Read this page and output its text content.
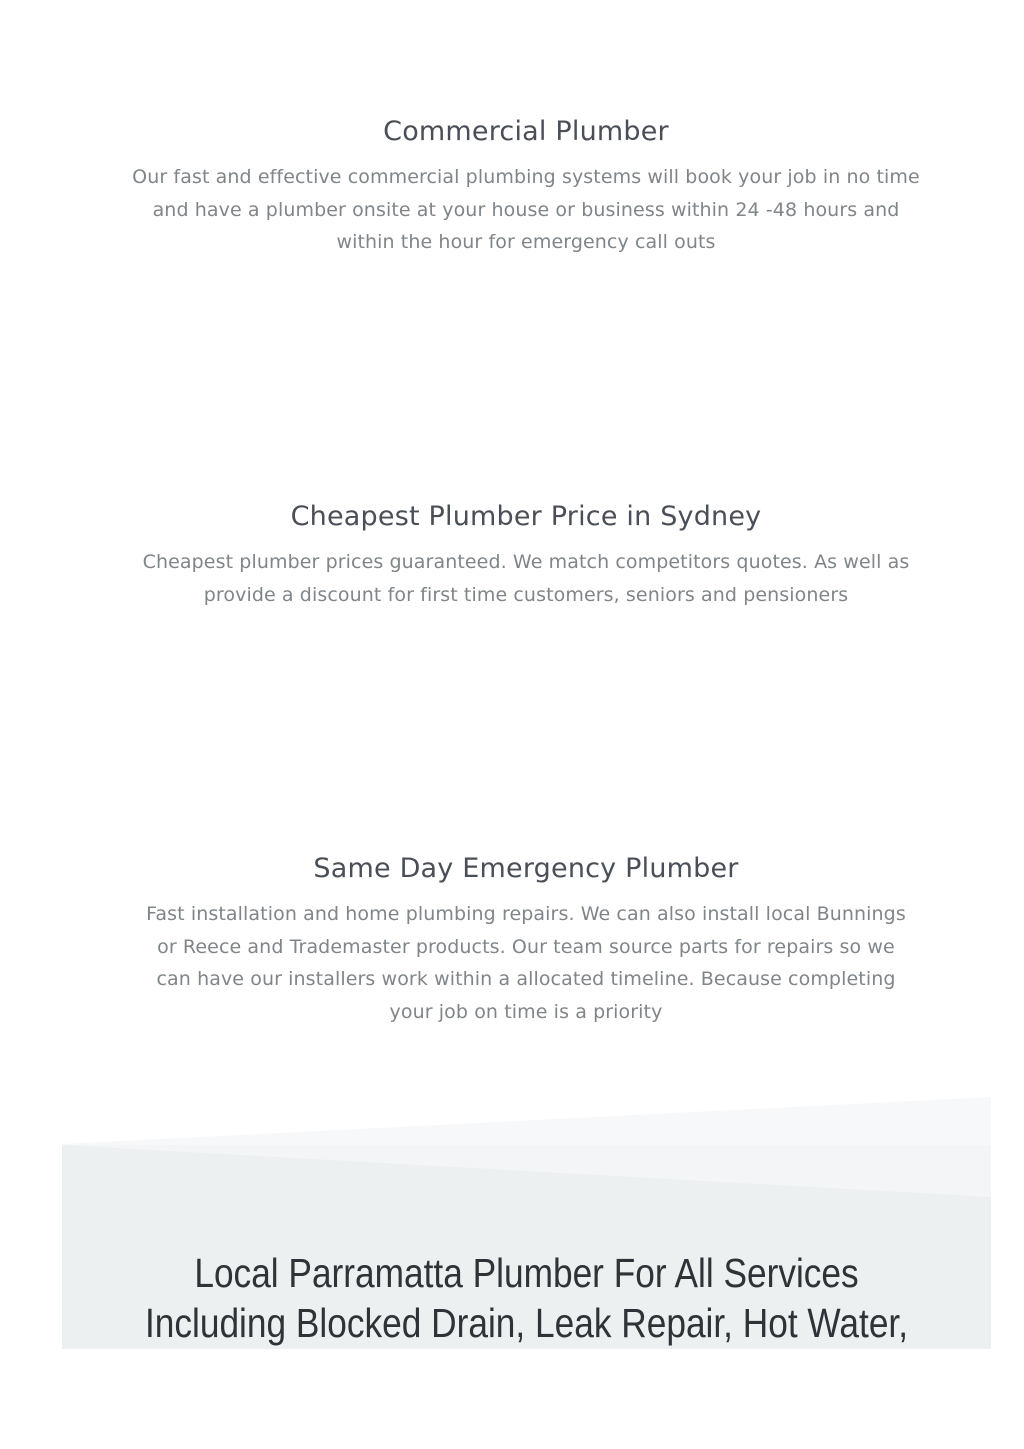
Commercial Plumber

Our fast and effective commercial plumbing systems will book your job in no time and have a plumber onsite at your house or business within 24 -48 hours and within the hour for emergency call outs

Cheapest Plumber Price in Sydney

Cheapest plumber prices guaranteed. We match competitors quotes. As well as provide a discount for first time customers, seniors and pensioners

Same Day Emergency Plumber

Fast installation and home plumbing repairs. We can also install local Bunnings or Reece and Trademaster products. Our team source parts for repairs so we can have our installers work within a allocated timeline. Because completing your job on time is a priority

Local Parramatta Plumber For All Services Including Blocked Drain, Leak Repair, Hot Water,
